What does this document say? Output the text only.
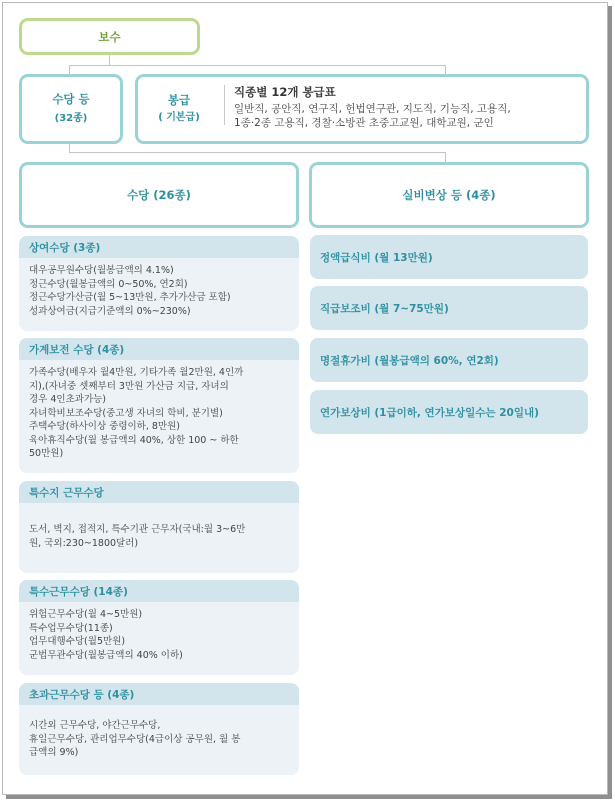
보수
수당 등
(32종)
봉급
( 기본급)
직종별 12개 봉급표
일반직, 공안직, 연구직, 헌법연구관, 지도직, 기능직, 고용직,
1종·2종 고용직, 경찰·소방관 초중고교원, 대학교원, 군인
수당 (26종)	실비변상 등 (4종)
상여수당 (3종)
대우공무원수당(월봉급액의 4.1%)
정근수당(월봉급액의 0~50%, 연2회)
정근수당가산금(월 5~13만원, 추가가산금 포함)
성과상여금(지급기준액의 0%~230%)
가계보전 수당 (4종)
가족수당(배우자 월4만원, 기타가족 월2만원, 4인까
지),(자녀중 셋째부터 3만원 가산금 지급, 자녀의
경우 4인초과가능)
자녀학비보조수당(중고생 자녀의 학비, 분기별)
주택수당(하사이상 중령이하, 8만원)
육아휴직수당(월 봉급액의 40%, 상한 100 ~ 하한
50만원)
특수지 근무수당
도서, 벽지, 접적지, 특수기관 근무자(국내:월 3~6만
원, 국외:230~1800달러)
특수근무수당 (14종)
위험근무수당(월 4~5만원)
특수업무수당(11종)
업무대행수당(월5만원)
군법무관수당(월봉급액의 40% 이하)
초과근무수당 등 (4종)
시간외 근무수당, 야간근무수당,
휴일근무수당, 관리업무수당(4급이상 공무원, 월 봉
급액의 9%)
정액급식비 (월 13만원)
직급보조비 (월 7~75만원)
명절휴가비 (월봉급액의 60%, 연2회)
연가보상비 (1급이하, 연가보상일수는 20일내)
